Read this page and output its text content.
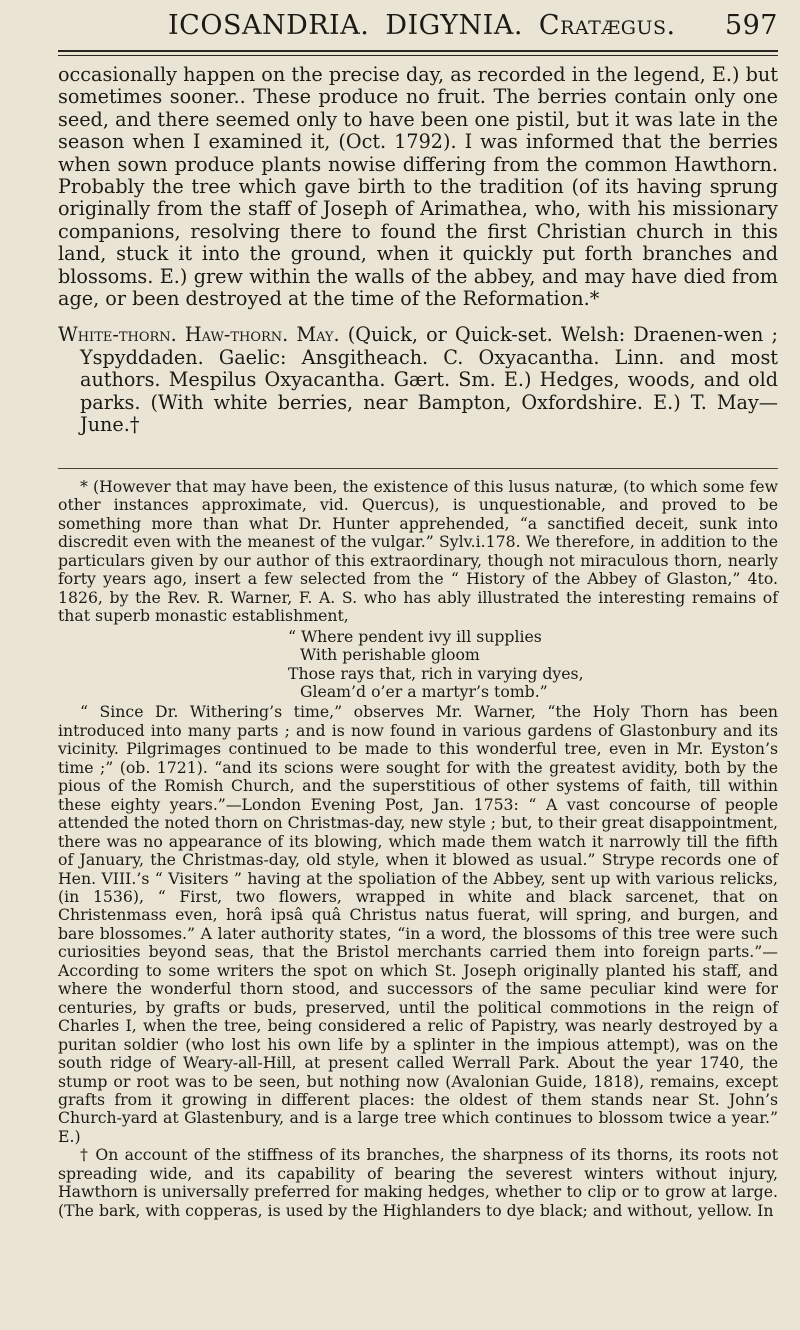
ICOSANDRIA. DIGYNIA. Cratægus. 597

occasionally happen on the precise day, as recorded in the legend, E.) but sometimes sooner.. These produce no fruit. The berries contain only one seed, and there seemed only to have been one pistil, but it was late in the season when I examined it, (Oct. 1792). I was informed that the berries when sown produce plants nowise differing from the common Hawthorn. Probably the tree which gave birth to the tradition (of its having sprung originally from the staff of Joseph of Arimathea, who, with his missionary companions, resolving there to found the first Christian church in this land, stuck it into the ground, when it quickly put forth branches and blossoms. E.) grew within the walls of the abbey, and may have died from age, or been destroyed at the time of the Reformation.*

White-thorn. Haw-thorn. May. (Quick, or Quick-set. Welsh: Draenen-wen ; Yspyddaden. Gaelic: Ansgitheach. C. Oxyacantha. Linn. and most authors. Mespilus Oxyacantha. Gært. Sm. E.) Hedges, woods, and old parks. (With white berries, near Bampton, Oxfordshire. E.) T. May—June.†

* (However that may have been, the existence of this lusus naturæ, (to which some few other instances approximate, vid. Quercus), is unquestionable, and proved to be something more than what Dr. Hunter apprehended, “a sanctified deceit, sunk into discredit even with the meanest of the vulgar.” Sylv.i.178. We therefore, in addition to the particulars given by our author of this extraordinary, though not miraculous thorn, nearly forty years ago, insert a few selected from the “ History of the Abbey of Glaston,” 4to. 1826, by the Rev. R. Warner, F. A. S. who has ably illustrated the interesting remains of that superb monastic establishment,

“ Where pendent ivy ill supplies
With perishable gloom
Those rays that, rich in varying dyes,
Gleam’d o’er a martyr’s tomb.”

“ Since Dr. Withering’s time,” observes Mr. Warner, “the Holy Thorn has been introduced into many parts ; and is now found in various gardens of Glastonbury and its vicinity. Pilgrimages continued to be made to this wonderful tree, even in Mr. Eyston’s time ;” (ob. 1721). “and its scions were sought for with the greatest avidity, both by the pious of the Romish Church, and the superstitious of other systems of faith, till within these eighty years.”—London Evening Post, Jan. 1753: “ A vast concourse of people attended the noted thorn on Christmas-day, new style ; but, to their great disappointment, there was no appearance of its blowing, which made them watch it narrowly till the fifth of January, the Christmas-day, old style, when it blowed as usual.” Strype records one of Hen. VIII.’s “ Visiters ” having at the spoliation of the Abbey, sent up with various relicks, (in 1536), “ First, two flowers, wrapped in white and black sarcenet, that on Christenmass even, horâ ipsâ quâ Christus natus fuerat, will spring, and burgen, and bare blossomes.” A later authority states, “in a word, the blossoms of this tree were such curiosities beyond seas, that the Bristol merchants carried them into foreign parts.”—According to some writers the spot on which St. Joseph originally planted his staff, and where the wonderful thorn stood, and successors of the same peculiar kind were for centuries, by grafts or buds, preserved, until the political commotions in the reign of Charles I, when the tree, being considered a relic of Papistry, was nearly destroyed by a puritan soldier (who lost his own life by a splinter in the impious attempt), was on the south ridge of Weary-all-Hill, at present called Werrall Park. About the year 1740, the stump or root was to be seen, but nothing now (Avalonian Guide, 1818), remains, except grafts from it growing in different places: the oldest of them stands near St. John’s Church-yard at Glastenbury, and is a large tree which continues to blossom twice a year.” E.)

† On account of the stiffness of its branches, the sharpness of its thorns, its roots not spreading wide, and its capability of bearing the severest winters without injury, Hawthorn is universally preferred for making hedges, whether to clip or to grow at large. (The bark, with copperas, is used by the Highlanders to dye black; and without, yellow. In
